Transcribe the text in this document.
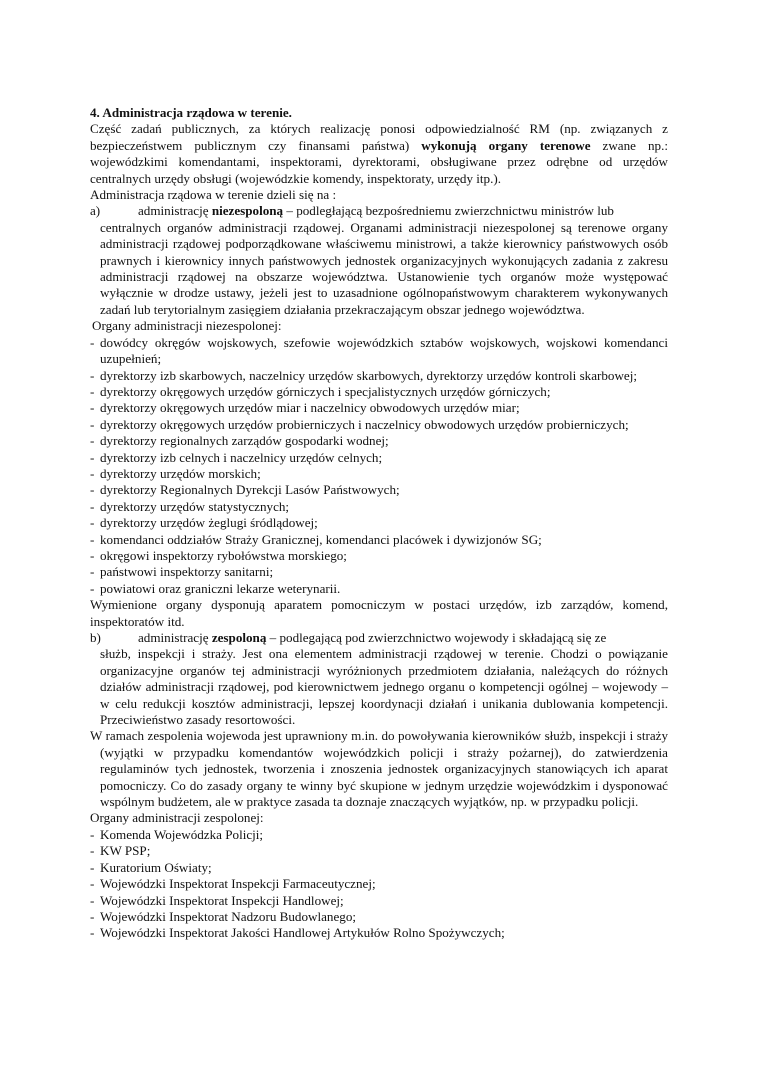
4. Administracja rządowa w terenie.

Część zadań publicznych, za których realizację ponosi odpowiedzialność RM (np. związanych z bezpieczeństwem publicznym czy finansami państwa) wykonują organy terenowe zwane np.: wojewódzkimi komendantami, inspektorami, dyrektorami, obsługiwane przez odrębne od urzędów centralnych urzędy obsługi (wojewódzkie komendy, inspektoraty, urzędy itp.).

Administracja rządowa w terenie dzieli się na :

a)	administrację niezespoloną – podległającą bezpośredniemu zwierzchnictwu ministrów lub

centralnych organów administracji rządowej. Organami administracji niezespolonej są terenowe organy administracji rządowej podporządkowane właściwemu ministrowi, a także kierownicy państwowych osób prawnych i kierownicy innych państwowych jednostek organizacyjnych wykonujących zadania z zakresu administracji rządowej na obszarze województwa. Ustanowienie tych organów może występować wyłącznie w drodze ustawy, jeżeli jest to uzasadnione ogólnopaństwowym charakterem wykonywanych zadań lub terytorialnym zasięgiem działania przekraczającym obszar jednego województwa.

Organy administracji niezespolonej:

- dowódcy okręgów wojskowych, szefowie wojewódzkich sztabów wojskowych, wojskowi komendanci uzupełnień;
- dyrektorzy izb skarbowych, naczelnicy urzędów skarbowych, dyrektorzy urzędów kontroli skarbowej;
- dyrektorzy okręgowych urzędów górniczych i specjalistycznych urzędów górniczych;
- dyrektorzy okręgowych urzędów miar i naczelnicy obwodowych urzędów miar;
- dyrektorzy okręgowych urzędów probierniczych i naczelnicy obwodowych urzędów probierniczych;
- dyrektorzy regionalnych zarządów gospodarki wodnej;
- dyrektorzy izb celnych i naczelnicy urzędów celnych;
- dyrektorzy urzędów morskich;
- dyrektorzy Regionalnych Dyrekcji Lasów Państwowych;
- dyrektorzy urzędów statystycznych;
- dyrektorzy urzędów żeglugi śródlądowej;
- komendanci oddziałów Straży Granicznej, komendanci placówek i dywizjonów SG;
- okręgowi inspektorzy rybołówstwa morskiego;
- państwowi inspektorzy sanitarni;
- powiatowi oraz graniczni lekarze weterynarii.

Wymienione organy dysponują aparatem pomocniczym w postaci urzędów, izb zarządów, komend, inspektoratów itd.

b)	administrację zespoloną – podlegającą pod zwierzchnictwo wojewody i składającą się ze

służb, inspekcji i straży. Jest ona elementem administracji rządowej w terenie. Chodzi o powiązanie organizacyjne organów tej administracji wyróżnionych przedmiotem działania, należących do różnych działów administracji rządowej, pod kierownictwem jednego organu o kompetencji ogólnej – wojewody – w celu redukcji kosztów administracji, lepszej koordynacji działań i unikania dublowania kompetencji. Przeciwieństwo zasady resortowości.

W ramach zespolenia wojewoda jest uprawniony m.in. do powoływania kierowników służb, inspekcji i straży (wyjątki w przypadku komendantów wojewódzkich policji i straży pożarnej), do zatwierdzenia regulaminów tych jednostek, tworzenia i znoszenia jednostek organizacyjnych stanowiących ich aparat pomocniczy. Co do zasady organy te winny być skupione w jednym urzędzie wojewódzkim i dysponować wspólnym budżetem, ale w praktyce zasada ta doznaje znaczących wyjątków, np. w przypadku policji.

Organy administracji zespolonej:

- Komenda Wojewódzka Policji;
- KW PSP;
- Kuratorium Oświaty;
- Wojewódzki Inspektorat Inspekcji Farmaceutycznej;
- Wojewódzki Inspektorat Inspekcji Handlowej;
- Wojewódzki Inspektorat Nadzoru Budowlanego;
- Wojewódzki Inspektorat Jakości Handlowej Artykułów Rolno Spożywczych;
